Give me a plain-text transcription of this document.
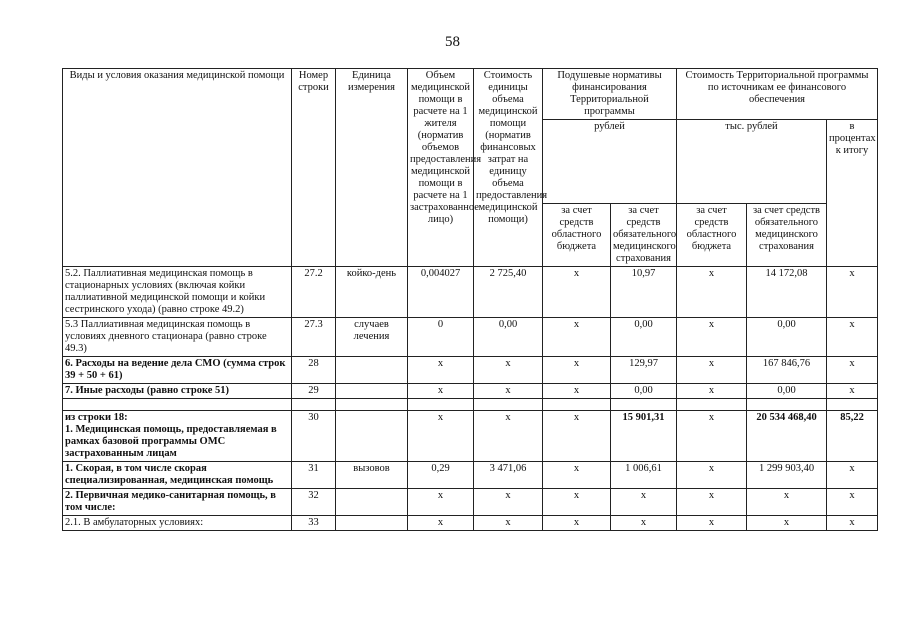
58
Виды и условия оказания медицинской помощи	Номер строки	Единица измерения	Объем медицинской помощи в расчете на 1 жителя (норматив объемов предоставления медицинской помощи в расчете на 1 застрахованное лицо)	Стоимость единицы объема медицинской помощи (норматив финансовых затрат на единицу объема предоставления медицинской помощи)	Подушевые нормативы финансирования Территориальной программы		Стоимость Территориальной программы по источникам ее финансового обеспечения		
					рублей		тыс. рублей		в процентах к итогу
					за счет средств областного бюджета	за счет средств обязательного медицинского страхования	за счет средств областного бюджета	за счет средств обязательного медицинского страхования	
5.2. Паллиативная медицинская помощь в стационарных условиях (включая койки паллиативной медицинской помощи и койки сестринского ухода) (равно строке 49.2)	27.2	койко-день	0,004027	2 725,40	x	10,97	x	14 172,08	x
5.3 Паллиативная медицинская помощь в условиях дневного стационара (равно строке 49.3)	27.3	случаев лечения	0	0,00	x	0,00	x	0,00	x
6. Расходы на ведение дела СМО (сумма строк 39 + 50 + 61)	28		x	x	x	129,97	x	167 846,76	x
7. Иные расходы (равно строке 51)	29		x	x	x	0,00	x	0,00	x

из строки 18:
1. Медицинская помощь, предоставляемая в рамках базовой программы ОМС застрахованным лицам	30		x	x	x	15 901,31	x	20 534 468,40	85,22
1. Скорая, в том числе скорая специализированная, медицинская помощь	31	вызовов	0,29	3 471,06	x	1 006,61	x	1 299 903,40	x
2. Первичная медико-санитарная помощь, в том числе:	32		x	x	x	x	x	x	x
2.1. В амбулаторных условиях:	33		x	x	x	x	x	x	x
